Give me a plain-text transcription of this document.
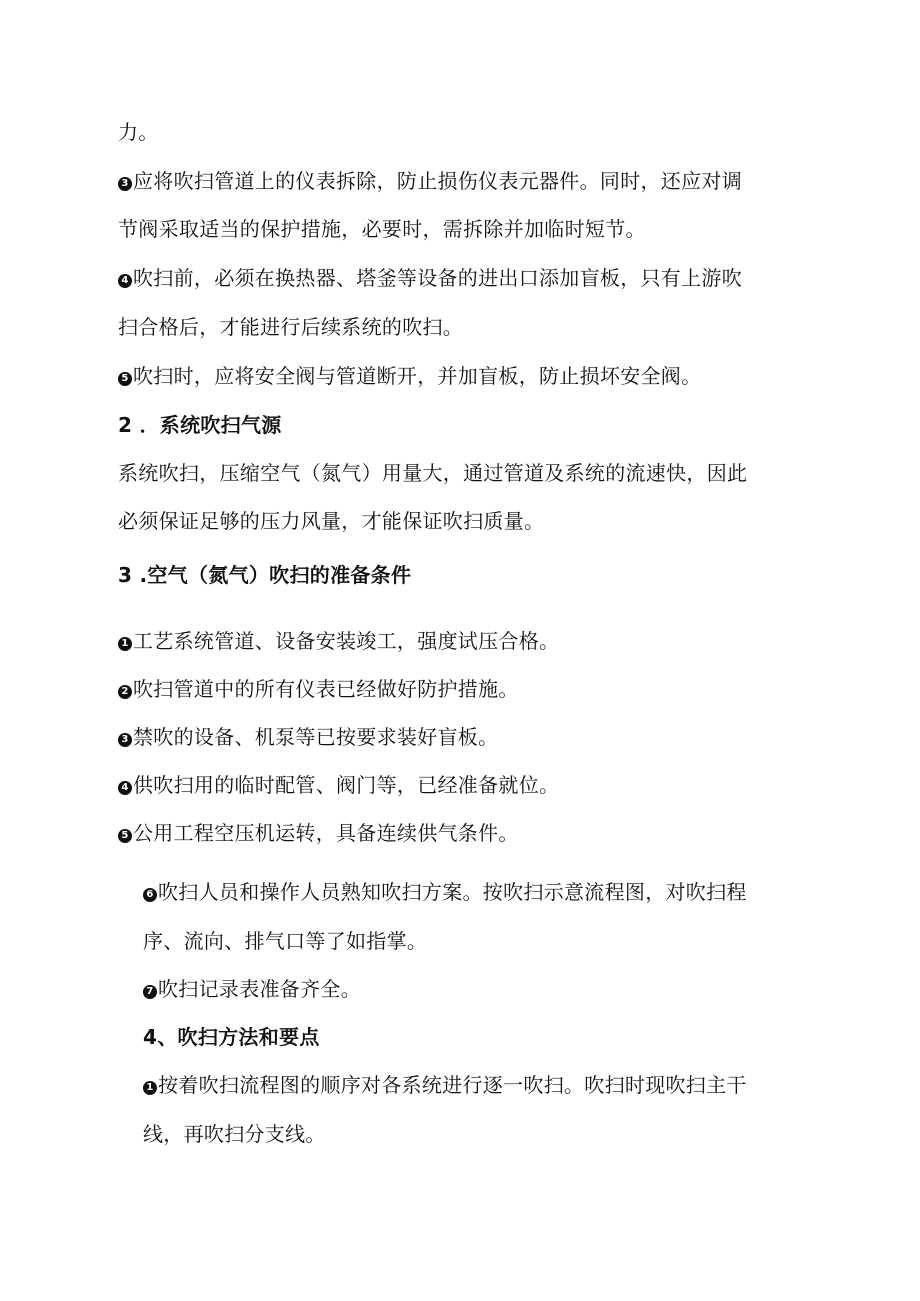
力。
3 应将吹扫管道上的仪表拆除，防止损伤仪表元器件。同时，还应对调
节阀采取适当的保护措施，必要时，需拆除并加临时短节。
4 吹扫前，必须在换热器、塔釜等设备的进出口添加盲板，只有上游吹
扫合格后，才能进行后续系统的吹扫。
5 吹扫时，应将安全阀与管道断开，并加盲板，防止损坏安全阀。
2 ．系统吹扫气源
系统吹扫，压缩空气（氮气）用量大，通过管道及系统的流速快，因此
必须保证足够的压力风量，才能保证吹扫质量。
3 .空气（氮气）吹扫的准备条件
1 工艺系统管道、设备安装竣工，强度试压合格。
2 吹扫管道中的所有仪表已经做好防护措施。
3 禁吹的设备、机泵等已按要求装好盲板。
4 供吹扫用的临时配管、阀门等，已经准备就位。
5 公用工程空压机运转，具备连续供气条件。
6 吹扫人员和操作人员熟知吹扫方案。按吹扫示意流程图，对吹扫程
序、流向、排气口等了如指掌。
7 吹扫记录表准备齐全。
4、吹扫方法和要点
1 按着吹扫流程图的顺序对各系统进行逐一吹扫。吹扫时现吹扫主干
线，再吹扫分支线。
